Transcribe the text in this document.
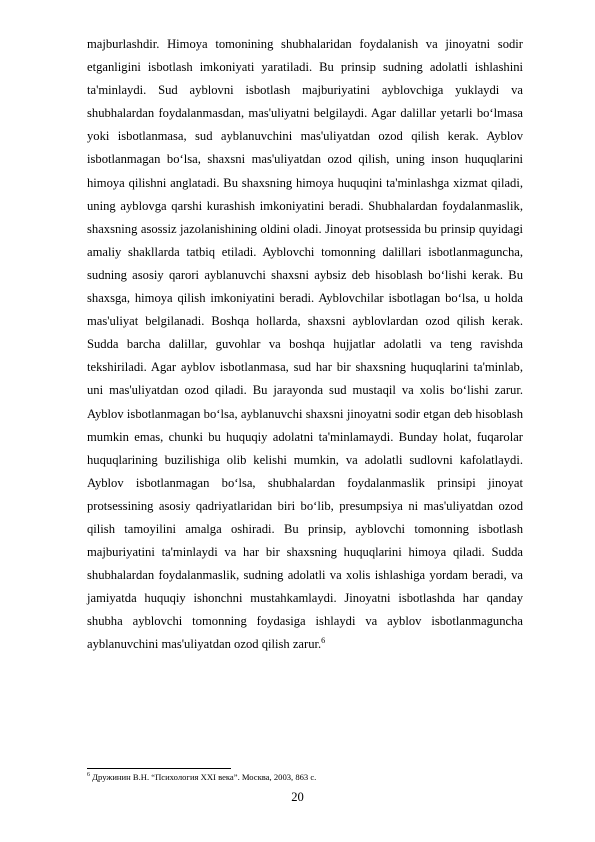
majburlashdir. Himoya tomonining shubhalaridan foydalanish va jinoyatni sodir etganligini isbotlash imkoniyati yaratiladi. Bu prinsip sudning adolatli ishlashini ta'minlaydi. Sud ayblovni isbotlash majburiyatini ayblovchiga yuklaydi va shubhalardan foydalanmasdan, mas'uliyatni belgilaydi. Agar dalillar yetarli bo‘lmasa yoki isbotlanmasa, sud ayblanuvchini mas'uliyatdan ozod qilish kerak. Ayblov isbotlanmagan bo‘lsa, shaxsni mas'uliyatdan ozod qilish, uning inson huquqlarini himoya qilishni anglatadi. Bu shaxsning himoya huquqini ta'minlashga xizmat qiladi, uning ayblovga qarshi kurashish imkoniyatini beradi. Shubhalardan foydalanmaslik, shaxsning asossiz jazolanishining oldini oladi. Jinoyat protsessida bu prinsip quyidagi amaliy shakllarda tatbiq etiladi. Ayblovchi tomonning dalillari isbotlanmaguncha, sudning asosiy qarori ayblanuvchi shaxsni aybsiz deb hisoblash bo‘lishi kerak. Bu shaxsga, himoya qilish imkoniyatini beradi. Ayblovchilar isbotlagan bo‘lsa, u holda mas'uliyat belgilanadi. Boshqa hollarda, shaxsni ayblovlardan ozod qilish kerak. Sudda barcha dalillar, guvohlar va boshqa hujjatlar adolatli va teng ravishda tekshiriladi. Agar ayblov isbotlanmasa, sud har bir shaxsning huquqlarini ta'minlab, uni mas'uliyatdan ozod qiladi. Bu jarayonda sud mustaqil va xolis bo‘lishi zarur. Ayblov isbotlanmagan bo‘lsa, ayblanuvchi shaxsni jinoyatni sodir etgan deb hisoblash mumkin emas, chunki bu huquqiy adolatni ta'minlamaydi. Bunday holat, fuqarolar huquqlarining buzilishiga olib kelishi mumkin, va adolatli sudlovni kafolatlaydi. Ayblov isbotlanmagan bo‘lsa, shubhalardan foydalanmaslik prinsipi jinoyat protsessining asosiy qadriyatlaridan biri bo‘lib, presumpsiya ni mas'uliyatdan ozod qilish tamoyilini amalga oshiradi. Bu prinsip, ayblovchi tomonning isbotlash majburiyatini ta'minlaydi va har bir shaxsning huquqlarini himoya qiladi. Sudda shubhalardan foydalanmaslik, sudning adolatli va xolis ishlashiga yordam beradi, va jamiyatda huquqiy ishonchni mustahkamlaydi. Jinoyatni isbotlashda har qanday shubha ayblovchi tomonning foydasiga ishlaydi va ayblov isbotlanmaguncha ayblanuvchini mas'uliyatdan ozod qilish zarur.$^6$

$^6$ Дружинин В.Н. “Психология XXI века”. Москва, 2003, 863 с.
20
